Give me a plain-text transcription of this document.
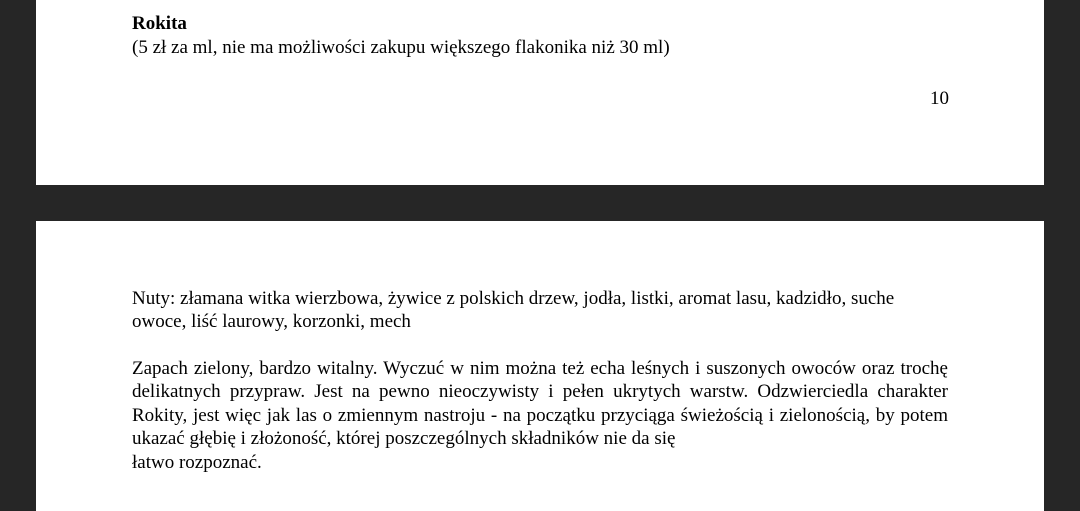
Rokita
(5 zł za ml, nie ma możliwości zakupu większego flakonika niż 30 ml)
10
Nuty: złamana witka wierzbowa, żywice z polskich drzew, jodła, listki, aromat lasu, kadzidło, suche owoce, liść laurowy, korzonki, mech
Zapach zielony, bardzo witalny. Wyczuć w nim można też echa leśnych i suszonych owoców oraz trochę delikatnych przypraw. Jest na pewno nieoczywisty i pełen ukrytych warstw. Odzwierciedla charakter Rokity, jest więc jak las o zmiennym nastroju - na początku przyciąga świeżością i zielonością, by potem ukazać głębię i złożoność, której poszczególnych składników nie da się
łatwo rozpoznać.
